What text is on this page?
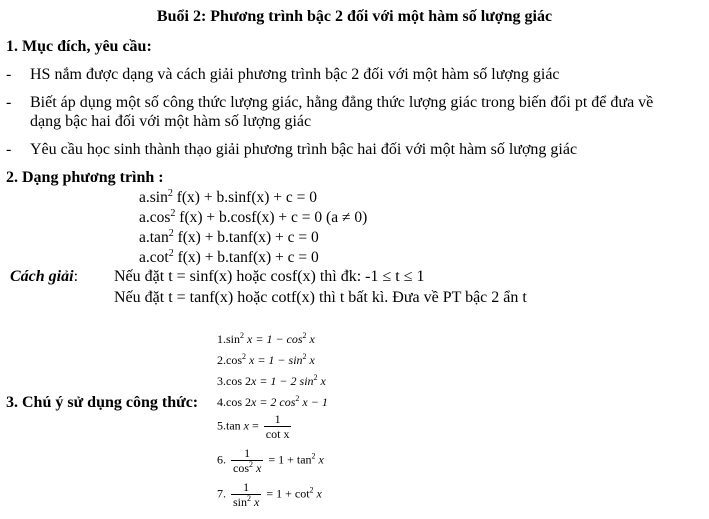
Buổi 2: Phương trình bậc 2 đối với một hàm số lượng giác
1. Mục đích, yêu cầu:
- HS nắm được dạng và cách giải phương trình bậc 2 đối với một hàm số lượng giác
- Biết áp dụng một số công thức lượng giác, hằng đẳng thức lượng giác trong biến đổi pt để đưa về
dạng bậc hai đối với một hàm số lượng giác
- Yêu cầu học sinh thành thạo giải phương trình bậc hai đối với một hàm số lượng giác
2. Dạng phương trình :
$a.\sin^2$ f(x) + b.sinf(x) + c = 0
$a.\cos^2$ f(x) + b.cosf(x) + c = 0 (a ≠ 0)
$a.\tan^2$ f(x) + b.tanf(x) + c = 0
$a.\cot^2$ f(x) + b.tanf(x) + c = 0
Cách giải: Nếu đặt t = sinf(x) hoặc cosf(x) thì đk: -1 ≤ t ≤ 1
Nếu đặt t = tanf(x) hoặc cotf(x) thì t bất kì. Đưa về PT bậc 2 ẩn t
3. Chú ý sử dụng công thức:
$1.\sin^2$ $x = 1 - \cos^2 x$
$2.\cos^2$ $x = 1 - \sin^2 x$
3.cos 2x = 1 − 2 $\sin^2 x$
4.cos 2x = 2 $\cos^2 x - 1$
5.tan $x = \frac{1}{\text{cot x}}$
6. $\frac{1}{\cos^2 x} = 1 + \tan^2 x$
7. $\frac{1}{\sin^2 x} = 1 + \cot^2 x$
